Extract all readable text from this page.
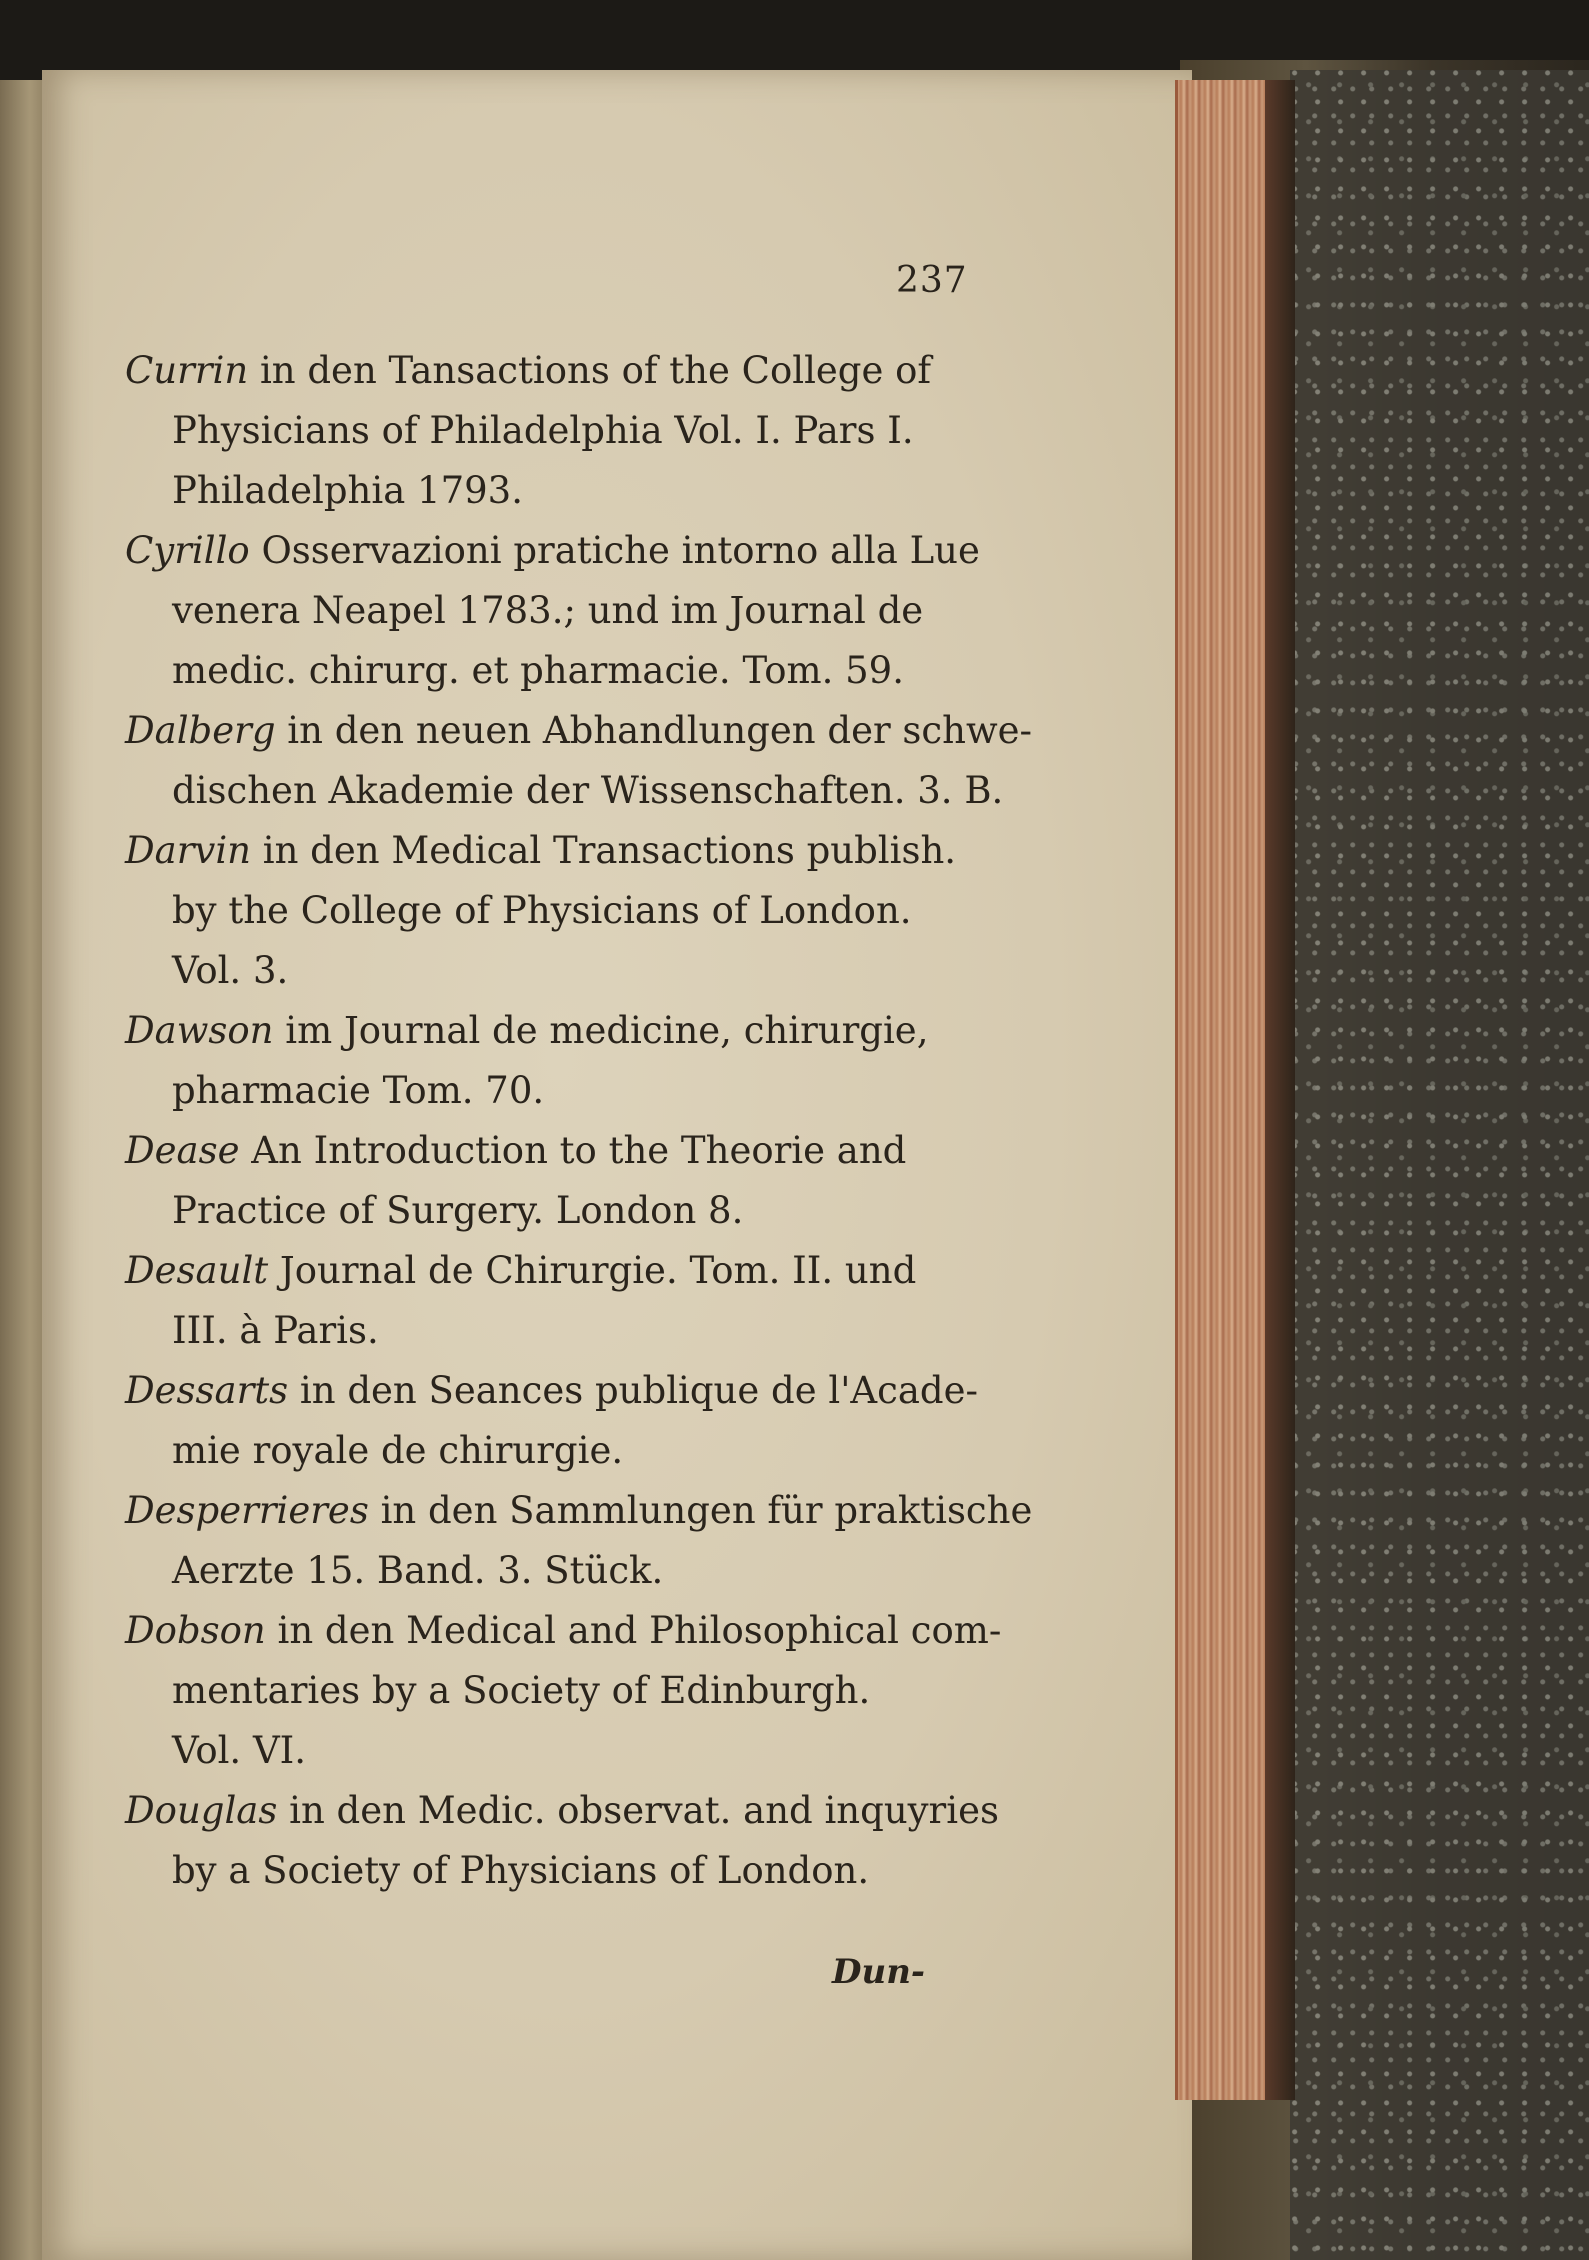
237
Currin in den Tansactions of the College of
Physicians of Philadelphia Vol. I. Pars I.
Philadelphia 1793.
Cyrillo Osservazioni pratiche intorno alla Lue
venera Neapel 1783.; und im Journal de
medic. chirurg. et pharmacie. Tom. 59.
Dalberg in den neuen Abhandlungen der schwe-
dischen Akademie der Wissenschaften. 3. B.
Darvin in den Medical Transactions publish.
by the College of Physicians of London.
Vol. 3.
Dawson im Journal de medicine, chirurgie,
pharmacie Tom. 70.
Dease An Introduction to the Theorie and
Practice of Surgery. London 8.
Desault Journal de Chirurgie. Tom. II. und
III. à Paris.
Dessarts in den Seances publique de l'Acade-
mie royale de chirurgie.
Desperrieres in den Sammlungen für praktische
Aerzte 15. Band. 3. Stück.
Dobson in den Medical and Philosophical com-
mentaries by a Society of Edinburgh.
Vol. VI.
Douglas in den Medic. observat. and inquyries
by a Society of Physicians of London.
Dun-
